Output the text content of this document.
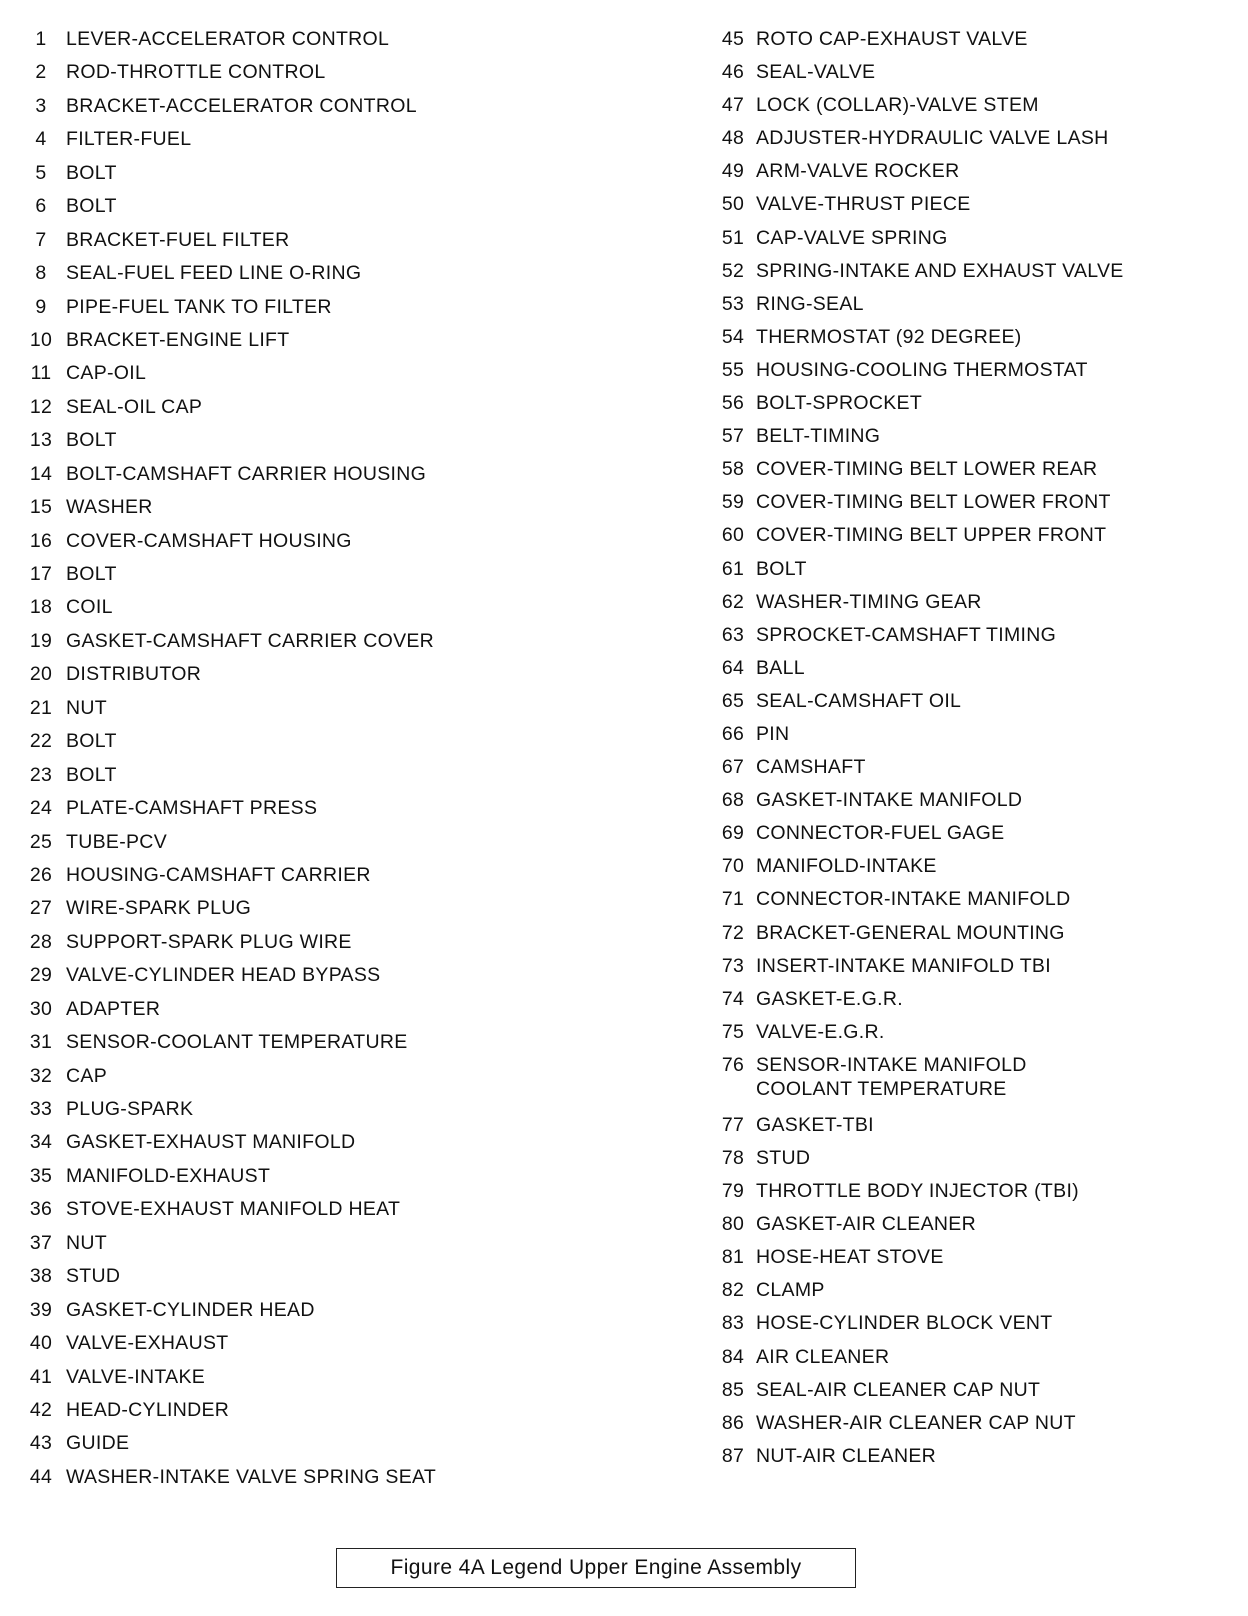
1 LEVER-ACCELERATOR CONTROL
2 ROD-THROTTLE CONTROL
3 BRACKET-ACCELERATOR CONTROL
4 FILTER-FUEL
5 BOLT
6 BOLT
7 BRACKET-FUEL FILTER
8 SEAL-FUEL FEED LINE O-RING
9 PIPE-FUEL TANK TO FILTER
10 BRACKET-ENGINE LIFT
11 CAP-OIL
12 SEAL-OIL CAP
13 BOLT
14 BOLT-CAMSHAFT CARRIER HOUSING
15 WASHER
16 COVER-CAMSHAFT HOUSING
17 BOLT
18 COIL
19 GASKET-CAMSHAFT CARRIER COVER
20 DISTRIBUTOR
21 NUT
22 BOLT
23 BOLT
24 PLATE-CAMSHAFT PRESS
25 TUBE-PCV
26 HOUSING-CAMSHAFT CARRIER
27 WIRE-SPARK PLUG
28 SUPPORT-SPARK PLUG WIRE
29 VALVE-CYLINDER HEAD BYPASS
30 ADAPTER
31 SENSOR-COOLANT TEMPERATURE
32 CAP
33 PLUG-SPARK
34 GASKET-EXHAUST MANIFOLD
35 MANIFOLD-EXHAUST
36 STOVE-EXHAUST MANIFOLD HEAT
37 NUT
38 STUD
39 GASKET-CYLINDER HEAD
40 VALVE-EXHAUST
41 VALVE-INTAKE
42 HEAD-CYLINDER
43 GUIDE
44 WASHER-INTAKE VALVE SPRING SEAT
45 ROTO CAP-EXHAUST VALVE
46 SEAL-VALVE
47 LOCK (COLLAR)-VALVE STEM
48 ADJUSTER-HYDRAULIC VALVE LASH
49 ARM-VALVE ROCKER
50 VALVE-THRUST PIECE
51 CAP-VALVE SPRING
52 SPRING-INTAKE AND EXHAUST VALVE
53 RING-SEAL
54 THERMOSTAT (92 DEGREE)
55 HOUSING-COOLING THERMOSTAT
56 BOLT-SPROCKET
57 BELT-TIMING
58 COVER-TIMING BELT LOWER REAR
59 COVER-TIMING BELT LOWER FRONT
60 COVER-TIMING BELT UPPER FRONT
61 BOLT
62 WASHER-TIMING GEAR
63 SPROCKET-CAMSHAFT TIMING
64 BALL
65 SEAL-CAMSHAFT OIL
66 PIN
67 CAMSHAFT
68 GASKET-INTAKE MANIFOLD
69 CONNECTOR-FUEL GAGE
70 MANIFOLD-INTAKE
71 CONNECTOR-INTAKE MANIFOLD
72 BRACKET-GENERAL MOUNTING
73 INSERT-INTAKE MANIFOLD TBI
74 GASKET-E.G.R.
75 VALVE-E.G.R.
76 SENSOR-INTAKE MANIFOLD
COOLANT TEMPERATURE
77 GASKET-TBI
78 STUD
79 THROTTLE BODY INJECTOR (TBI)
80 GASKET-AIR CLEANER
81 HOSE-HEAT STOVE
82 CLAMP
83 HOSE-CYLINDER BLOCK VENT
84 AIR CLEANER
85 SEAL-AIR CLEANER CAP NUT
86 WASHER-AIR CLEANER CAP NUT
87 NUT-AIR CLEANER
Figure 4A Legend Upper Engine Assembly
